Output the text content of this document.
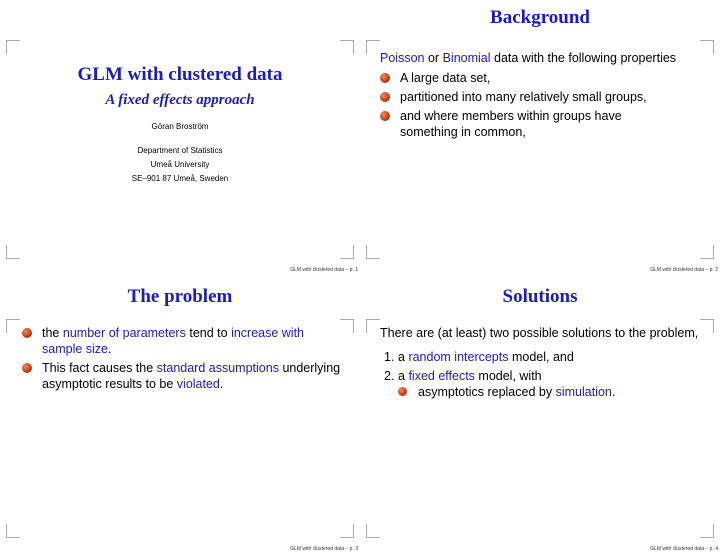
GLM with clustered data
A fixed effects approach
Göran Broström
Department of Statistics
Umeå University
SE–901 87 Umeå, Sweden
GLM with clustered data – p. 1
Background
Poisson or Binomial data with the following properties
A large data set,
partitioned into many relatively small groups,
and where members within groups have something in common,
GLM with clustered data – p. 2
The problem
the number of parameters tend to increase with sample size.
This fact causes the standard assumptions underlying asymptotic results to be violated.
GLM with clustered data – p. 3
Solutions
There are (at least) two possible solutions to the problem,
1. a random intercepts model, and
2. a fixed effects model, with
asymptotics replaced by simulation.
GLM with clustered data – p. 4
